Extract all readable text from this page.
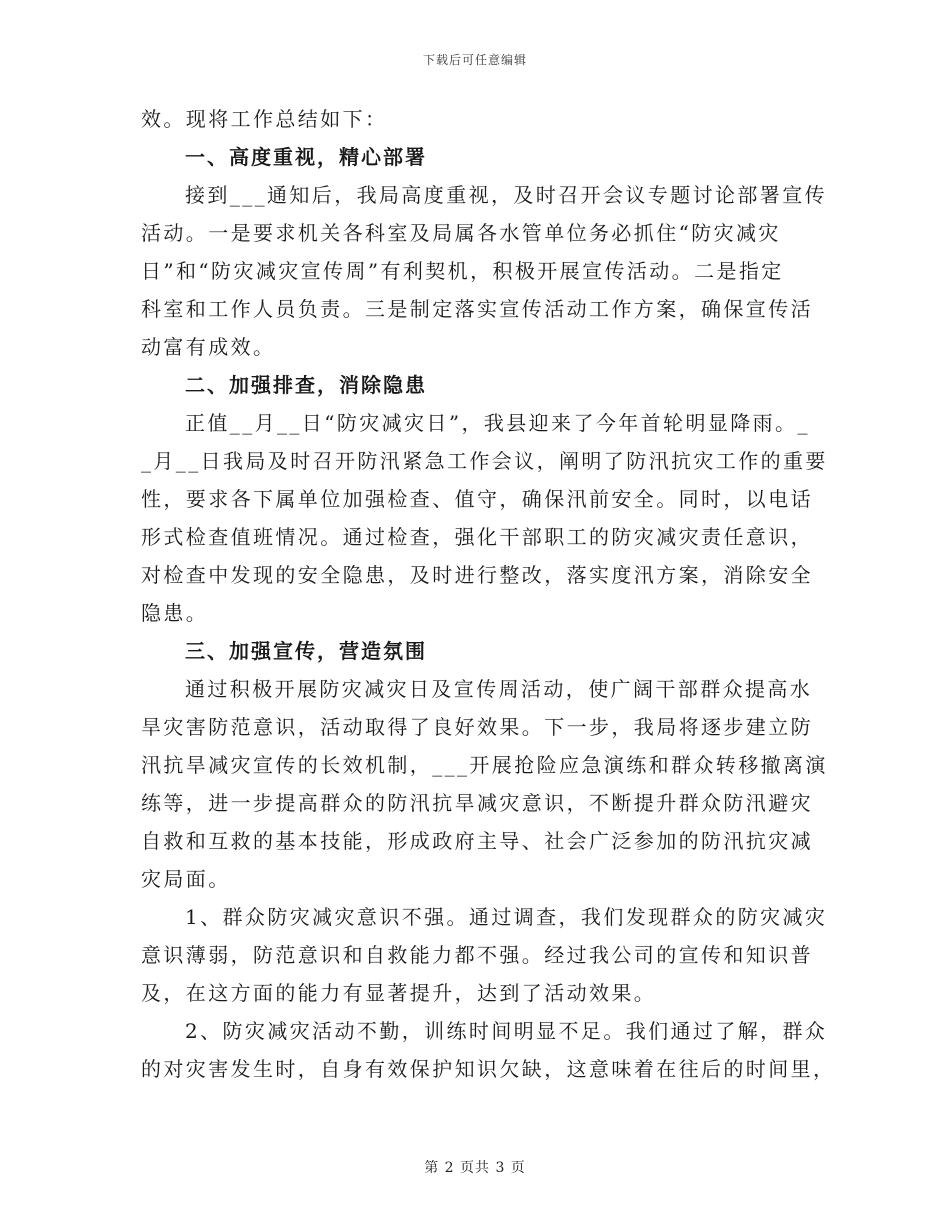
下载后可任意编辑
效。现将工作总结如下：
一、高度重视，精心部署
接到___通知后，我局高度重视，及时召开会议专题讨论部署宣传
活动。一是要求机关各科室及局属各水管单位务必抓住“防灾减灾
日”和“防灾减灾宣传周”有利契机，积极开展宣传活动。二是指定
科室和工作人员负责。三是制定落实宣传活动工作方案，确保宣传活
动富有成效。
二、加强排查，消除隐患
正值__月__日“防灾减灾日”，我县迎来了今年首轮明显降雨。_
_月__日我局及时召开防汛紧急工作会议，阐明了防汛抗灾工作的重要
性，要求各下属单位加强检查、值守，确保汛前安全。同时，以电话
形式检查值班情况。通过检查，强化干部职工的防灾减灾责任意识，
对检查中发现的安全隐患，及时进行整改，落实度汛方案，消除安全
隐患。
三、加强宣传，营造氛围
通过积极开展防灾减灾日及宣传周活动，使广阔干部群众提高水
旱灾害防范意识，活动取得了良好效果。下一步，我局将逐步建立防
汛抗旱减灾宣传的长效机制，___开展抢险应急演练和群众转移撤离演
练等，进一步提高群众的防汛抗旱减灾意识，不断提升群众防汛避灾
自救和互救的基本技能，形成政府主导、社会广泛参加的防汛抗灾减
灾局面。
1、群众防灾减灾意识不强。通过调查，我们发现群众的防灾减灾
意识薄弱，防范意识和自救能力都不强。经过我公司的宣传和知识普
及，在这方面的能力有显著提升，达到了活动效果。
2、防灾减灾活动不勤，训练时间明显不足。我们通过了解，群众
的对灾害发生时，自身有效保护知识欠缺，这意味着在往后的时间里，
第 2 页共 3 页
